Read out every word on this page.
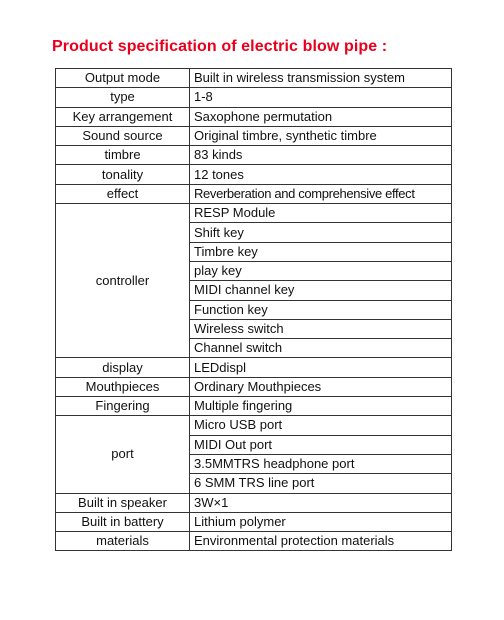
Product specification of electric blow pipe :
Output mode	Built in wireless transmission system
type	1-8
Key arrangement	Saxophone permutation
Sound source	Original timbre, synthetic timbre
timbre	83 kinds
tonality	12 tones
effect	Reverberation and comprehensive effect
controller	RESP Module
	Shift key
	Timbre key
	play key
	MIDI channel key
	Function key
	Wireless switch
	Channel switch
display	LEDdispl
Mouthpieces	Ordinary Mouthpieces
Fingering	Multiple fingering
port	Micro USB port
	MIDI Out port
	3.5MMTRS headphone port
	6 SMM TRS line port
Built in speaker	3W×1
Built in battery	Lithium polymer
materials	Environmental protection materials
